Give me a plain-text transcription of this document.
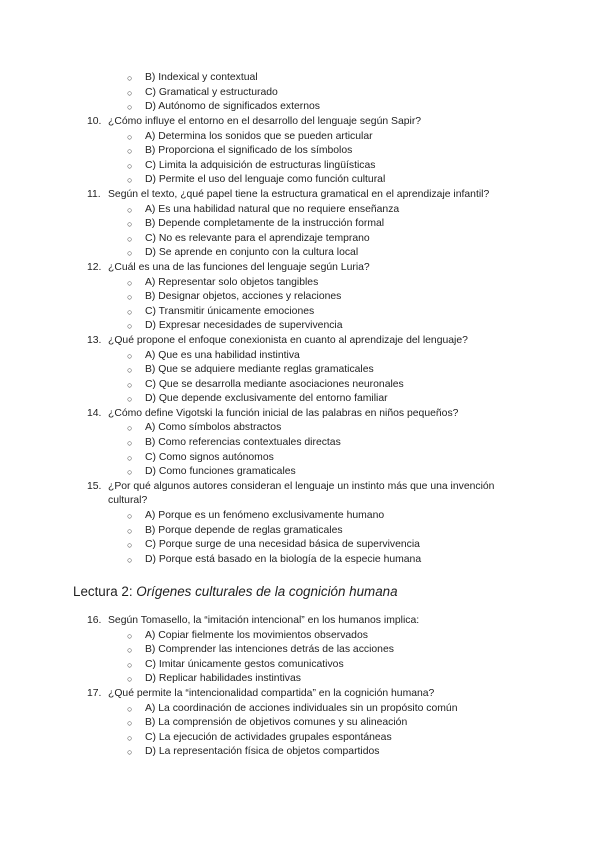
○ B) Indexical y contextual
○ C) Gramatical y estructurado
○ D) Autónomo de significados externos
10. ¿Cómo influye el entorno en el desarrollo del lenguaje según Sapir?
○ A) Determina los sonidos que se pueden articular
○ B) Proporciona el significado de los símbolos
○ C) Limita la adquisición de estructuras lingüísticas
○ D) Permite el uso del lenguaje como función cultural
11. Según el texto, ¿qué papel tiene la estructura gramatical en el aprendizaje infantil?
○ A) Es una habilidad natural que no requiere enseñanza
○ B) Depende completamente de la instrucción formal
○ C) No es relevante para el aprendizaje temprano
○ D) Se aprende en conjunto con la cultura local
12. ¿Cuál es una de las funciones del lenguaje según Luria?
○ A) Representar solo objetos tangibles
○ B) Designar objetos, acciones y relaciones
○ C) Transmitir únicamente emociones
○ D) Expresar necesidades de supervivencia
13. ¿Qué propone el enfoque conexionista en cuanto al aprendizaje del lenguaje?
○ A) Que es una habilidad instintiva
○ B) Que se adquiere mediante reglas gramaticales
○ C) Que se desarrolla mediante asociaciones neuronales
○ D) Que depende exclusivamente del entorno familiar
14. ¿Cómo define Vigotski la función inicial de las palabras en niños pequeños?
○ A) Como símbolos abstractos
○ B) Como referencias contextuales directas
○ C) Como signos autónomos
○ D) Como funciones gramaticales
15. ¿Por qué algunos autores consideran el lenguaje un instinto más que una invención cultural?
○ A) Porque es un fenómeno exclusivamente humano
○ B) Porque depende de reglas gramaticales
○ C) Porque surge de una necesidad básica de supervivencia
○ D) Porque está basado en la biología de la especie humana
Lectura 2: Orígenes culturales de la cognición humana
16. Según Tomasello, la “imitación intencional” en los humanos implica:
○ A) Copiar fielmente los movimientos observados
○ B) Comprender las intenciones detrás de las acciones
○ C) Imitar únicamente gestos comunicativos
○ D) Replicar habilidades instintivas
17. ¿Qué permite la “intencionalidad compartida” en la cognición humana?
○ A) La coordinación de acciones individuales sin un propósito común
○ B) La comprensión de objetivos comunes y su alineación
○ C) La ejecución de actividades grupales espontáneas
○ D) La representación física de objetos compartidos
